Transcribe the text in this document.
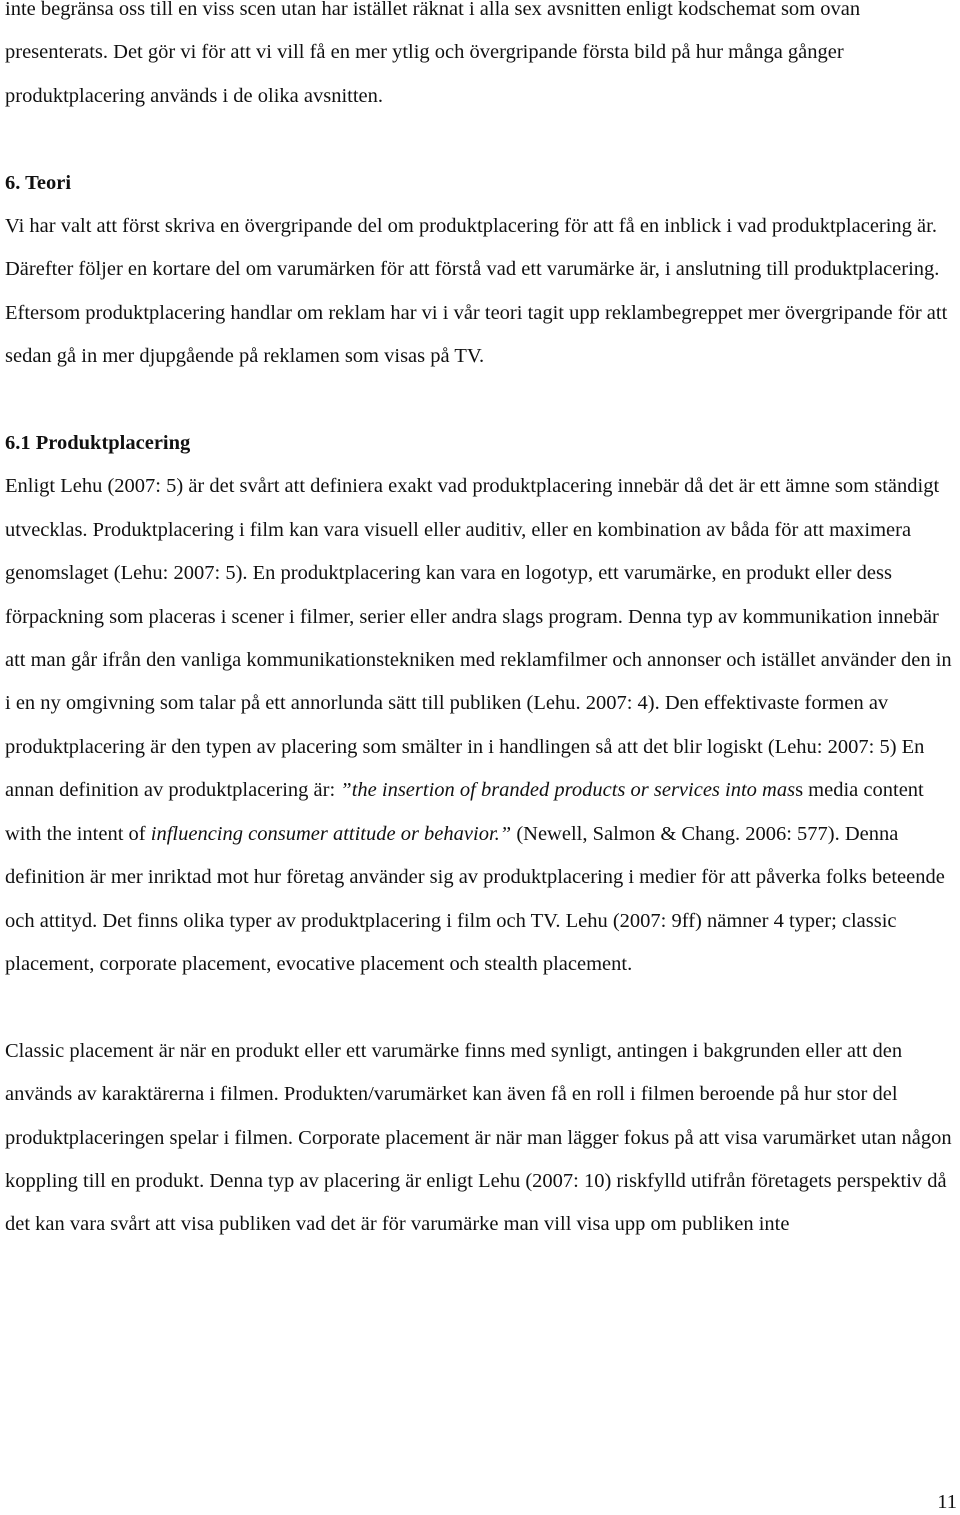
inte begränsa oss till en viss scen utan har istället räknat i alla sex avsnitten enligt kodschemat som ovan presenterats. Det gör vi för att vi vill få en mer ytlig och övergripande första bild på hur många gånger produktplacering används i de olika avsnitten.

6. Teori

Vi har valt att först skriva en övergripande del om produktplacering för att få en inblick i vad produktplacering är. Därefter följer en kortare del om varumärken för att förstå vad ett varumärke är, i anslutning till produktplacering. Eftersom produktplacering handlar om reklam har vi i vår teori tagit upp reklambegreppet mer övergripande för att sedan gå in mer djupgående på reklamen som visas på TV.

6.1 Produktplacering

Enligt Lehu (2007: 5) är det svårt att definiera exakt vad produktplacering innebär då det är ett ämne som ständigt utvecklas. Produktplacering i film kan vara visuell eller auditiv, eller en kombination av båda för att maximera genomslaget (Lehu: 2007: 5). En produktplacering kan vara en logotyp, ett varumärke, en produkt eller dess förpackning som placeras i scener i filmer, serier eller andra slags program. Denna typ av kommunikation innebär att man går ifrån den vanliga kommunikationstekniken med reklamfilmer och annonser och istället använder den in i en ny omgivning som talar på ett annorlunda sätt till publiken (Lehu. 2007: 4). Den effektivaste formen av produktplacering är den typen av placering som smälter in i handlingen så att det blir logiskt (Lehu: 2007: 5) En annan definition av produktplacering är: ”the insertion of branded products or services into mass media content with the intent of influencing consumer attitude or behavior.” (Newell, Salmon & Chang. 2006: 577). Denna definition är mer inriktad mot hur företag använder sig av produktplacering i medier för att påverka folks beteende och attityd. Det finns olika typer av produktplacering i film och TV. Lehu (2007: 9ff) nämner 4 typer; classic placement, corporate placement, evocative placement och stealth placement.

Classic placement är när en produkt eller ett varumärke finns med synligt, antingen i bakgrunden eller att den används av karaktärerna i filmen. Produkten/varumärket kan även få en roll i filmen beroende på hur stor del produktplaceringen spelar i filmen. Corporate placement är när man lägger fokus på att visa varumärket utan någon koppling till en produkt. Denna typ av placering är enligt Lehu (2007: 10) riskfylld utifrån företagets perspektiv då det kan vara svårt att visa publiken vad det är för varumärke man vill visa upp om publiken inte

11
